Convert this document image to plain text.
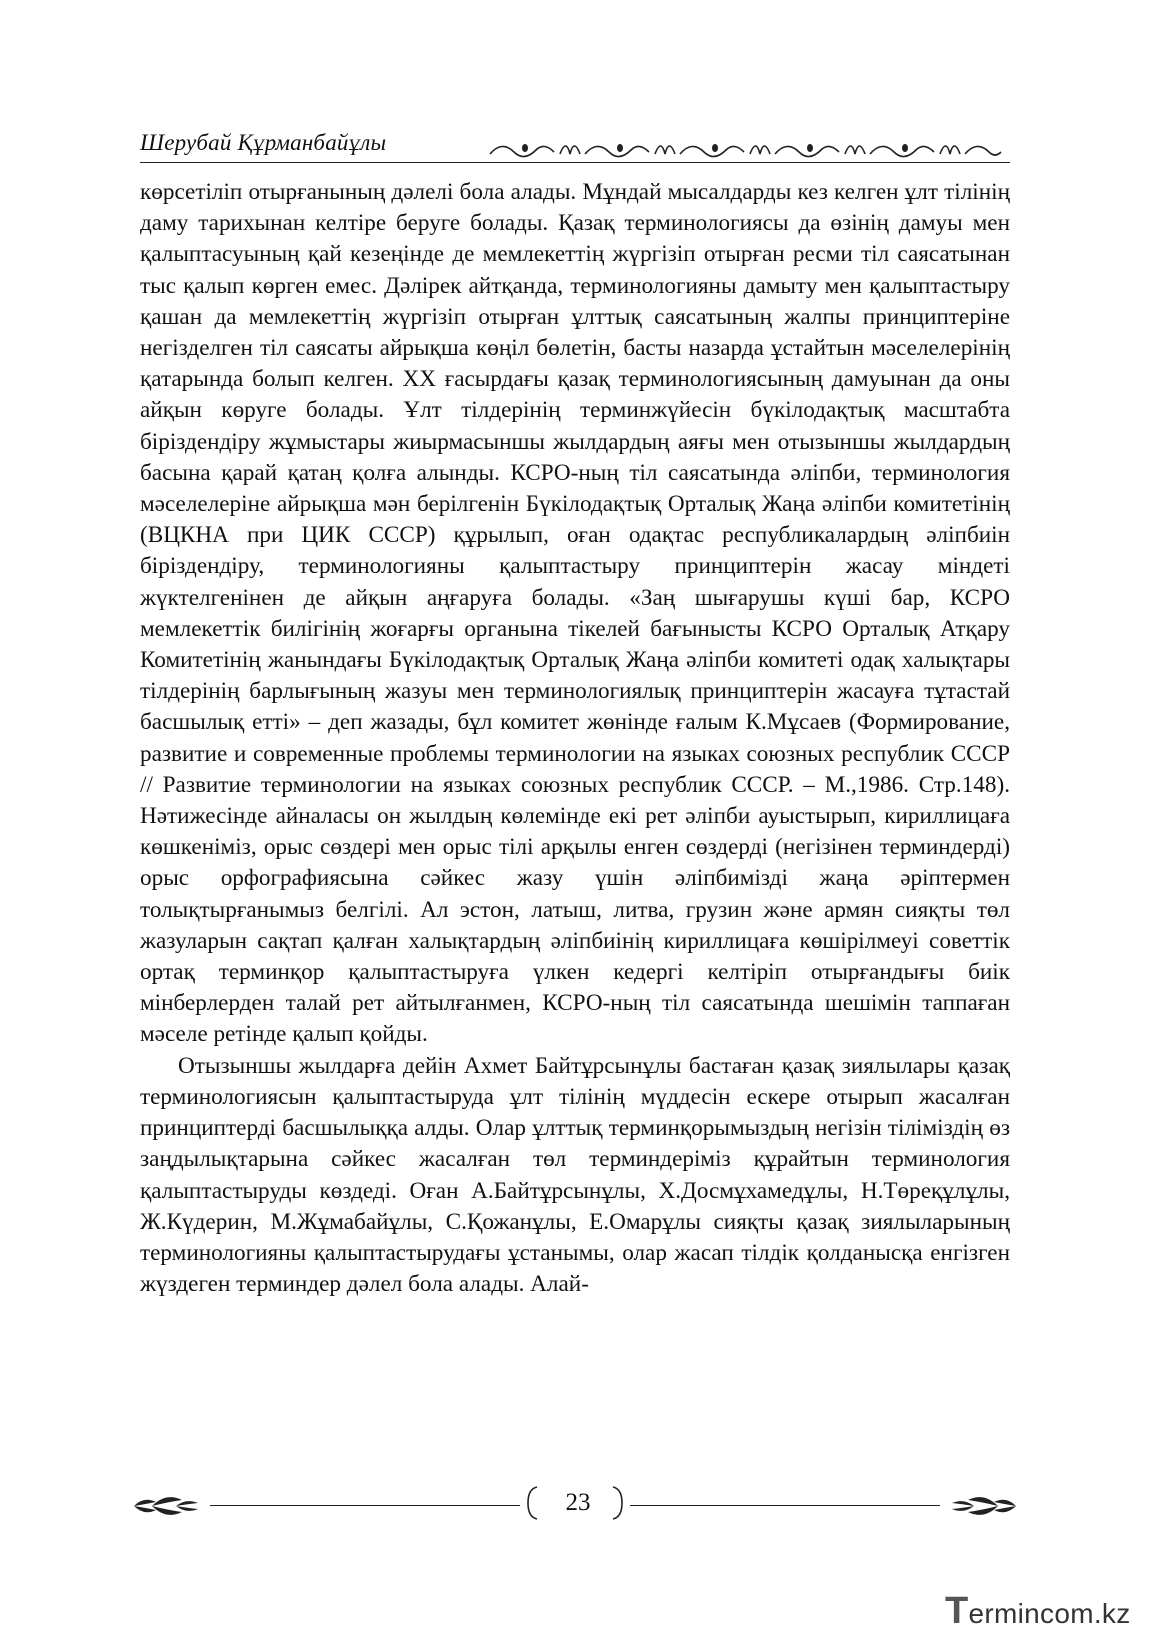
Шерубай Құрманбайұлы

көрсетіліп отырғанының дәлелі бола алады. Мұндай мысалдарды кез келген ұлт тілінің даму тарихынан келтіре беруге болады. Қазақ терминологиясы да өзінің дамуы мен қалыптасуының қай кезеңінде де мемлекеттің жүргізіп отырған ресми тіл саясатынан тыс қалып көрген емес. Дәлірек айтқанда, терминологияны дамыту мен қалыптастыру қашан да мемлекеттің жүргізіп отырған ұлттық саясатының жалпы принциптеріне негізделген тіл саясаты айрықша көңіл бөлетін, басты назарда ұстайтын мәселелерінің қатарында болып келген. ХХ ғасырдағы қазақ терминологиясының дамуынан да оны айқын көруге болады. Ұлт тілдерінің терминжүйесін бүкілодақтық масштабта біріздендіру жұмыстары жиырмасыншы жылдардың аяғы мен отызыншы жылдардың басына қарай қатаң қолға алынды. КСРО-ның тіл саясатында әліпби, терминология мәселелеріне айрықша мән берілгенін Бүкілодақтық Орталық Жаңа әліпби комитетінің (ВЦКНА при ЦИК СССР) құрылып, оған одақтас республикалардың әліпбиін біріздендіру, терминологияны қалыптастыру принциптерін жасау міндеті жүктелгенінен де айқын аңғаруға болады. «Заң шығарушы күші бар, КСРО мемлекеттік билігінің жоғарғы органына тікелей бағынысты КСРО Орталық Атқару Комитетінің жанындағы Бүкілодақтық Орталық Жаңа әліпби комитеті одақ халықтары тілдерінің барлығының жазуы мен терминологиялық принциптерін жасауға тұтастай басшылық етті» – деп жазады, бұл комитет жөнінде ғалым К.Мұсаев (Формирование, развитие и современные проблемы терминологии на языках союзных республик СССР // Развитие терминологии на языках союзных республик СССР. – М.,1986. Стр.148). Нәтижесінде айналасы он жылдың көлемінде екі рет әліпби ауыстырып, кириллицаға көшкеніміз, орыс сөздері мен орыс тілі арқылы енген сөздерді (негізінен терминдерді) орыс орфографиясына сәйкес жазу үшін әліпбимізді жаңа әріптермен толықтырғанымыз белгілі. Ал эстон, латыш, литва, грузин және армян сияқты төл жазуларын сақтап қалған халықтардың әліпбиінің кириллицаға көшірілмеуі советтік ортақ терминқор қалыптастыруға үлкен кедергі келтіріп отырғандығы биік мінберлерден талай рет айтылғанмен, КСРО-ның тіл саясатында шешімін таппаған мәселе ретінде қалып қойды.

Отызыншы жылдарға дейін Ахмет Байтұрсынұлы бастаған қазақ зиялылары қазақ терминологиясын қалыптастыруда ұлт тілінің мүддесін ескере отырып жасалған принциптерді басшылыққа алды. Олар ұлттық терминқорымыздың негізін тіліміздің өз заңдылықтарына сәйкес жасалған төл терминдеріміз құрайтын терминология қалыптастыруды көздеді. Оған А.Байтұрсынұлы, Х.Досмұхамедұлы, Н.Төреқұлұлы, Ж.Күдерин, М.Жұмабайұлы, С.Қожанұлы, Е.Омарұлы сияқты қазақ зиялыларының терминологияны қалыптастырудағы ұстанымы, олар жасап тілдік қолданысқа енгізген жүздеген терминдер дәлел бола алады. Алай-

23
Termincom.kz
